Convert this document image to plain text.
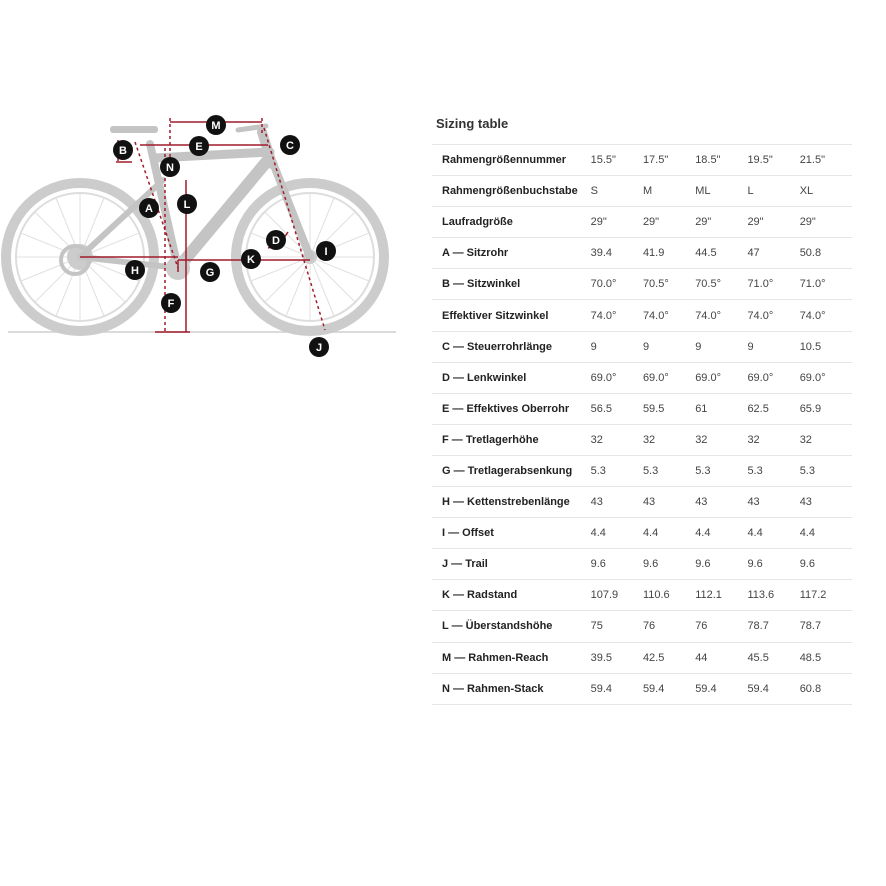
M
E	C
B
N
L
A
D
I
K
H	G
F
J
Sizing table
Rahmengrößennummer	15.5"	17.5"	18.5"	19.5"	21.5"
Rahmengrößenbuchstabe	S	M	ML	L	XL
Laufradgröße	29"	29"	29"	29"	29"
A — Sitzrohr	39.4	41.9	44.5	47	50.8
B — Sitzwinkel	70.0°	70.5°	70.5°	71.0°	71.0°
Effektiver Sitzwinkel	74.0°	74.0°	74.0°	74.0°	74.0°
C — Steuerrohrlänge	9	9	9	9	10.5
D — Lenkwinkel	69.0°	69.0°	69.0°	69.0°	69.0°
E — Effektives Oberrohr	56.5	59.5	61	62.5	65.9
F — Tretlagerhöhe	32	32	32	32	32
G — Tretlagerabsenkung	5.3	5.3	5.3	5.3	5.3
H — Kettenstrebenlänge	43	43	43	43	43
I — Offset	4.4	4.4	4.4	4.4	4.4
J — Trail	9.6	9.6	9.6	9.6	9.6
K — Radstand	107.9	110.6	112.1	113.6	117.2
L — Überstandshöhe	75	76	76	78.7	78.7
M — Rahmen-Reach	39.5	42.5	44	45.5	48.5
N — Rahmen-Stack	59.4	59.4	59.4	59.4	60.8
